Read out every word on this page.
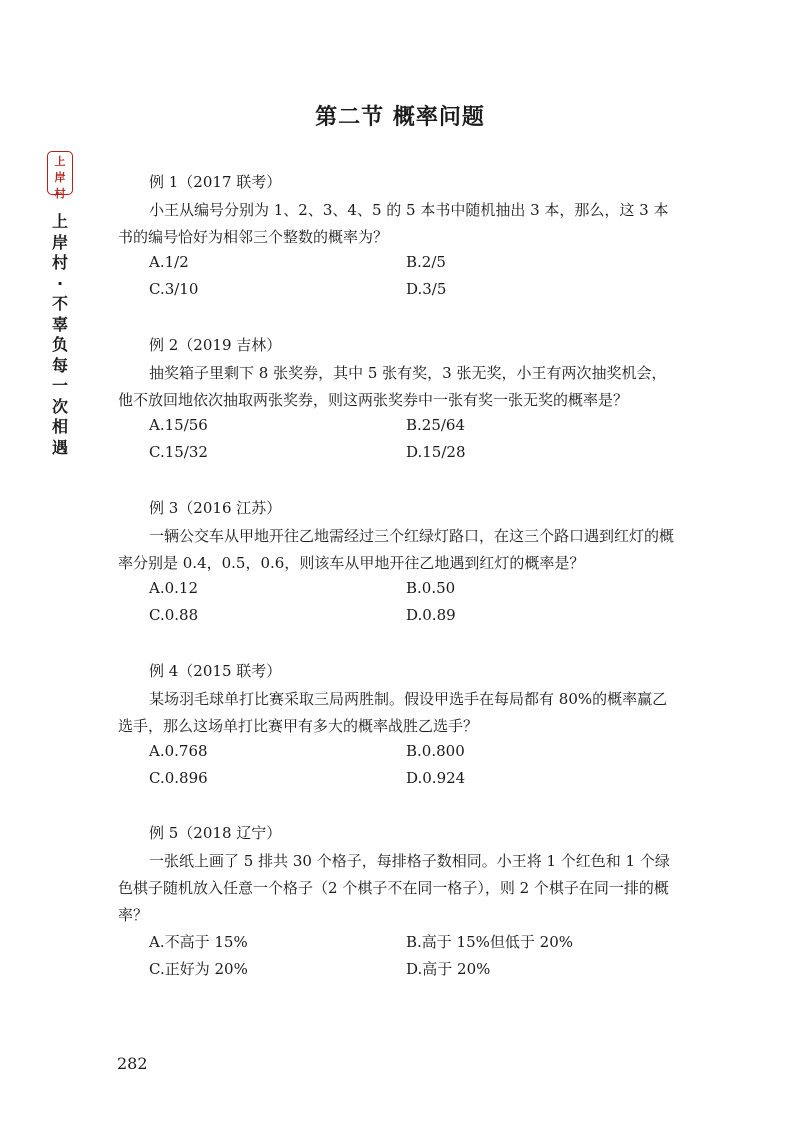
第二节 概率问题
上
岸
村
上
岸
村
·
不
辜
负
每
一
次
相
遇
例 1（2017 联考）
小王从编号分别为 1、2、3、4、5 的 5 本书中随机抽出 3 本，那么，这 3 本书的编号恰好为相邻三个整数的概率为？
A.1/2	B.2/5
C.3/10	D.3/5
例 2（2019 吉林）
抽奖箱子里剩下 8 张奖券，其中 5 张有奖，3 张无奖，小王有两次抽奖机会，他不放回地依次抽取两张奖券，则这两张奖券中一张有奖一张无奖的概率是？
A.15/56	B.25/64
C.15/32	D.15/28
例 3（2016 江苏）
一辆公交车从甲地开往乙地需经过三个红绿灯路口，在这三个路口遇到红灯的概率分别是 0.4，0.5，0.6，则该车从甲地开往乙地遇到红灯的概率是？
A.0.12	B.0.50
C.0.88	D.0.89
例 4（2015 联考）
某场羽毛球单打比赛采取三局两胜制。假设甲选手在每局都有 80%的概率赢乙选手，那么这场单打比赛甲有多大的概率战胜乙选手？
A.0.768	B.0.800
C.0.896	D.0.924
例 5（2018 辽宁）
一张纸上画了 5 排共 30 个格子，每排格子数相同。小王将 1 个红色和 1 个绿色棋子随机放入任意一个格子（2 个棋子不在同一格子），则 2 个棋子在同一排的概率？
A.不高于 15%	B.高于 15%但低于 20%
C.正好为 20%	D.高于 20%
282
